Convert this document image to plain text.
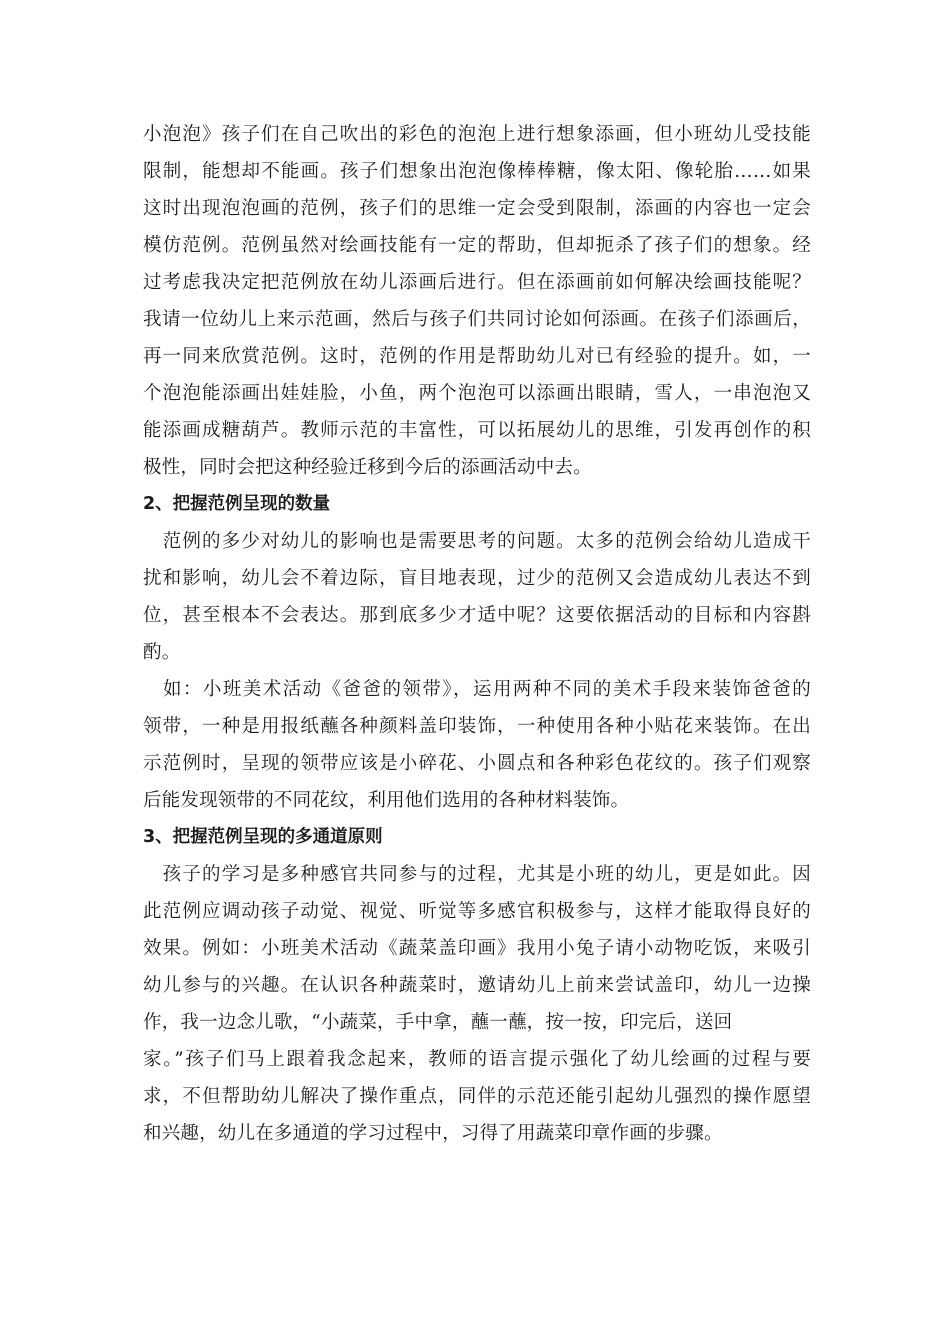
小泡泡》孩子们在自己吹出的彩色的泡泡上进行想象添画，但小班幼儿受技能
限制，能想却不能画。孩子们想象出泡泡像棒棒糖，像太阳、像轮胎……如果
这时出现泡泡画的范例，孩子们的思维一定会受到限制，添画的内容也一定会
模仿范例。范例虽然对绘画技能有一定的帮助，但却扼杀了孩子们的想象。经
过考虑我决定把范例放在幼儿添画后进行。但在添画前如何解决绘画技能呢？
我请一位幼儿上来示范画，然后与孩子们共同讨论如何添画。在孩子们添画后，
再一同来欣赏范例。这时，范例的作用是帮助幼儿对已有经验的提升。如，一
个泡泡能添画出娃娃脸，小鱼，两个泡泡可以添画出眼睛，雪人，一串泡泡又
能添画成糖葫芦。教师示范的丰富性，可以拓展幼儿的思维，引发再创作的积
极性，同时会把这种经验迁移到今后的添画活动中去。
2、把握范例呈现的数量
　范例的多少对幼儿的影响也是需要思考的问题。太多的范例会给幼儿造成干
扰和影响，幼儿会不着边际，盲目地表现，过少的范例又会造成幼儿表达不到
位，甚至根本不会表达。那到底多少才适中呢？这要依据活动的目标和内容斟
酌。
　如：小班美术活动《爸爸的领带》，运用两种不同的美术手段来装饰爸爸的
领带，一种是用报纸蘸各种颜料盖印装饰，一种使用各种小贴花来装饰。在出
示范例时，呈现的领带应该是小碎花、小圆点和各种彩色花纹的。孩子们观察
后能发现领带的不同花纹，利用他们选用的各种材料装饰。
3、把握范例呈现的多通道原则
　孩子的学习是多种感官共同参与的过程，尤其是小班的幼儿，更是如此。因
此范例应调动孩子动觉、视觉、听觉等多感官积极参与，这样才能取得良好的
效果。例如：小班美术活动《蔬菜盖印画》我用小兔子请小动物吃饭，来吸引
幼儿参与的兴趣。在认识各种蔬菜时，邀请幼儿上前来尝试盖印，幼儿一边操
作，我一边念儿歌，“小蔬菜，手中拿，蘸一蘸，按一按，印完后，送回
家。”孩子们马上跟着我念起来，教师的语言提示强化了幼儿绘画的过程与要
求，不但帮助幼儿解决了操作重点，同伴的示范还能引起幼儿强烈的操作愿望
和兴趣，幼儿在多通道的学习过程中，习得了用蔬菜印章作画的步骤。
